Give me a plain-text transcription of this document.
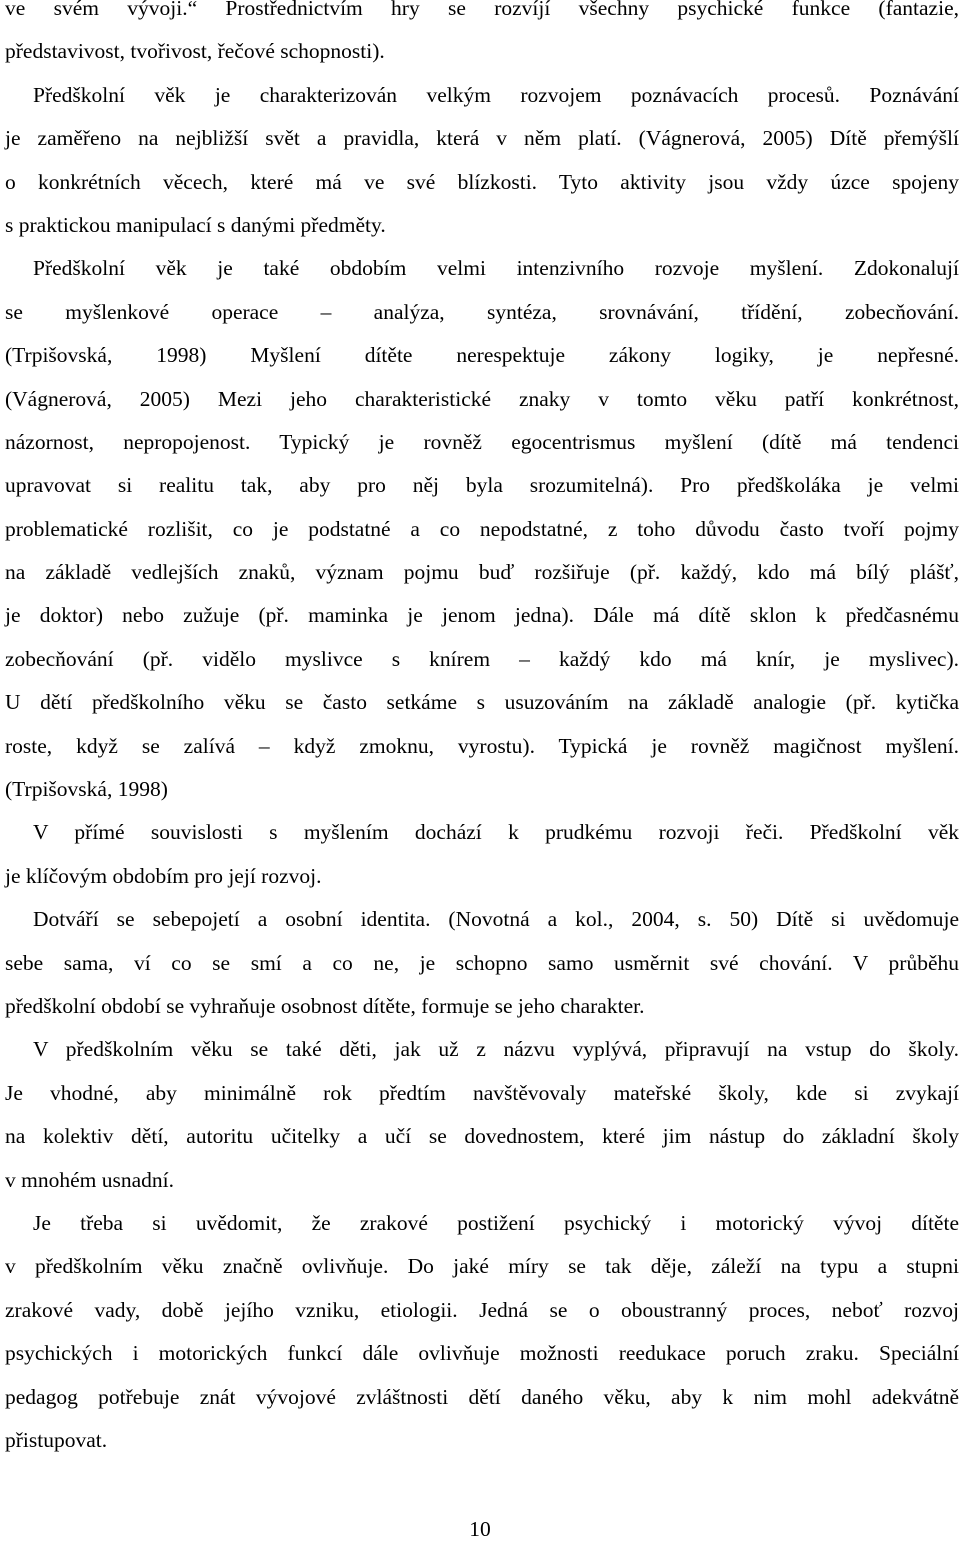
ve svém vývoji.“ Prostřednictvím hry se rozvíjí všechny psychické funkce (fantazie,
představivost, tvořivost, řečové schopnosti).
Předškolní věk je charakterizován velkým rozvojem poznávacích procesů. Poznávání
je zaměřeno na nejbližší svět a pravidla, která v něm platí. (Vágnerová, 2005) Dítě přemýšlí
o konkrétních věcech, které má ve své blízkosti. Tyto aktivity jsou vždy úzce spojeny
s praktickou manipulací s danými předměty.
Předškolní věk je také obdobím velmi intenzivního rozvoje myšlení. Zdokonalují
se myšlenkové operace – analýza, syntéza, srovnávání, třídění, zobecňování.
(Trpišovská, 1998) Myšlení dítěte nerespektuje zákony logiky, je nepřesné.
(Vágnerová, 2005) Mezi jeho charakteristické znaky v tomto věku patří konkrétnost,
názornost, nepropojenost. Typický je rovněž egocentrismus myšlení (dítě má tendenci
upravovat si realitu tak, aby pro něj byla srozumitelná). Pro předškoláka je velmi
problematické rozlišit, co je podstatné a co nepodstatné, z toho důvodu často tvoří pojmy
na základě vedlejších znaků, význam pojmu buď rozšiřuje (př. každý, kdo má bílý plášť,
je doktor) nebo zužuje (př. maminka je jenom jedna). Dále má dítě sklon k předčasnému
zobecňování (př. vidělo myslivce s knírem – každý kdo má knír, je myslivec).
U dětí předškolního věku se často setkáme s usuzováním na základě analogie (př. kytička
roste, když se zalívá – když zmoknu, vyrostu). Typická je rovněž magičnost myšlení.
(Trpišovská, 1998)
V přímé souvislosti s myšlením dochází k prudkému rozvoji řeči. Předškolní věk
je klíčovým obdobím pro její rozvoj.
Dotváří se sebepojetí a osobní identita. (Novotná a kol., 2004, s. 50) Dítě si uvědomuje
sebe sama, ví co se smí a co ne, je schopno samo usměrnit své chování. V průběhu
předškolní období se vyhraňuje osobnost dítěte, formuje se jeho charakter.
V předškolním věku se také děti, jak už z názvu vyplývá, připravují na vstup do školy.
Je vhodné, aby minimálně rok předtím navštěvovaly mateřské školy, kde si zvykají
na kolektiv dětí, autoritu učitelky a učí se dovednostem, které jim nástup do základní školy
v mnohém usnadní.
Je třeba si uvědomit, že zrakové postižení psychický i motorický vývoj dítěte
v předškolním věku značně ovlivňuje. Do jaké míry se tak děje, záleží na typu a stupni
zrakové vady, době jejího vzniku, etiologii. Jedná se o oboustranný proces, neboť rozvoj
psychických i motorických funkcí dále ovlivňuje možnosti reedukace poruch zraku. Speciální
pedagog potřebuje znát vývojové zvláštnosti dětí daného věku, aby k nim mohl adekvátně
přistupovat.
10
